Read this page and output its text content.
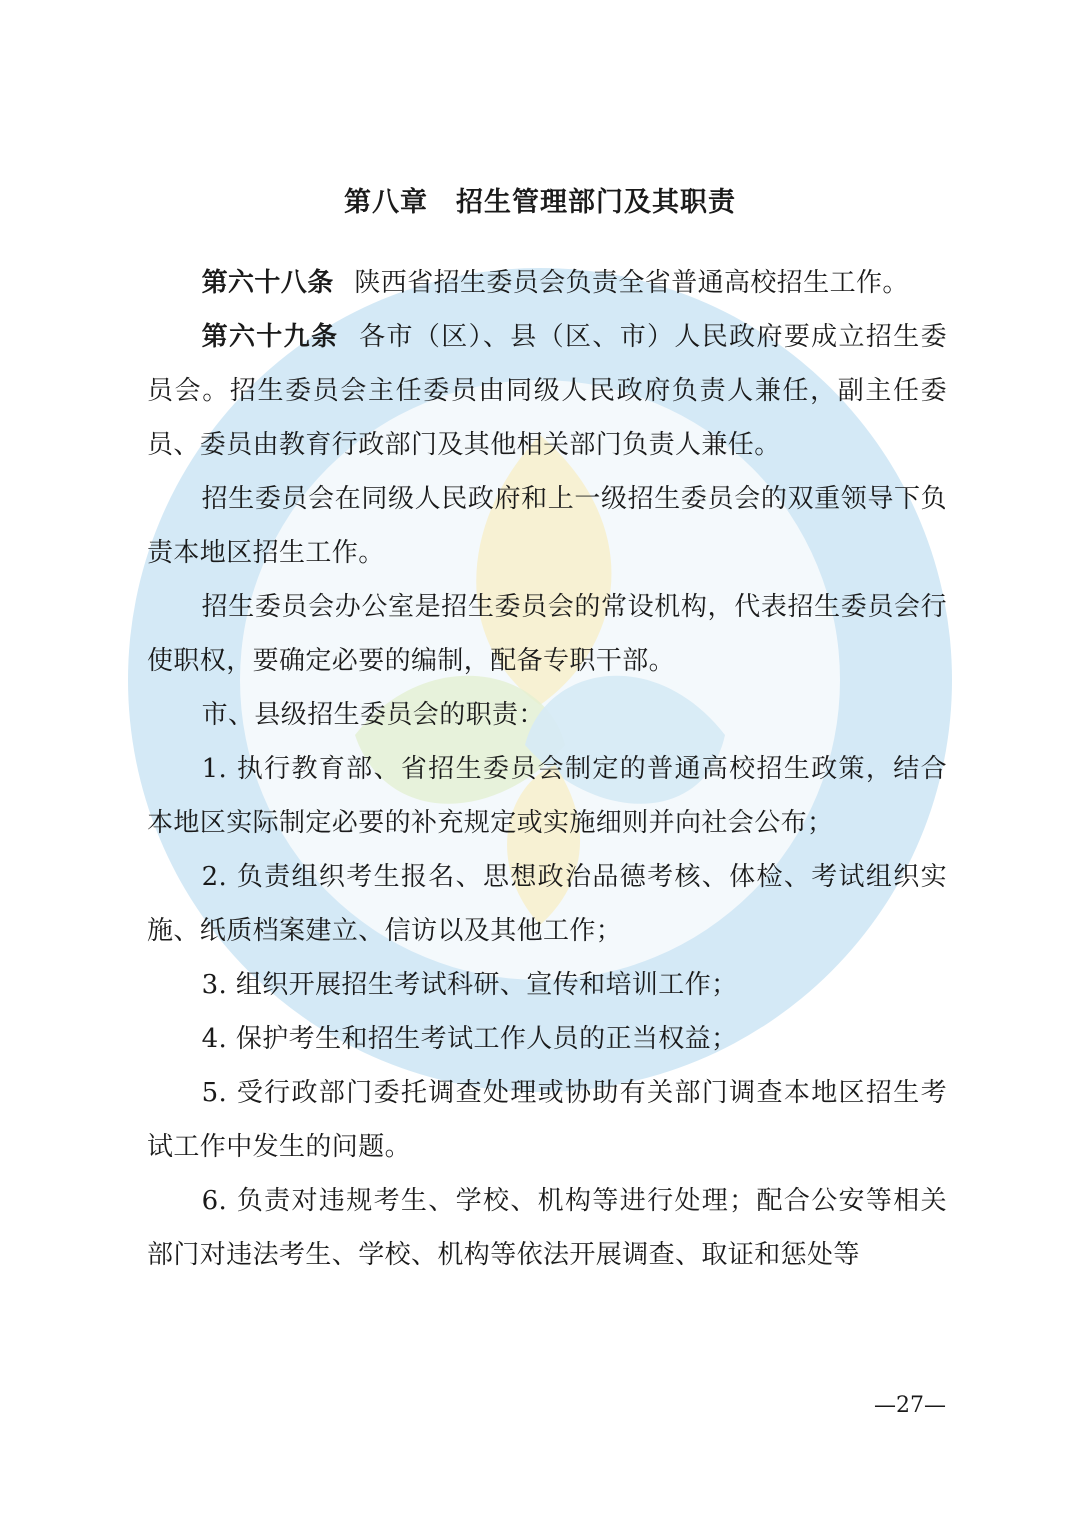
第八章　招生管理部门及其职责

第六十八条 陕西省招生委员会负责全省普通高校招生工作。

第六十九条 各市（区）、县（区、市）人民政府要成立招生委员会。招生委员会主任委员由同级人民政府负责人兼任，副主任委员、委员由教育行政部门及其他相关部门负责人兼任。

招生委员会在同级人民政府和上一级招生委员会的双重领导下负责本地区招生工作。

招生委员会办公室是招生委员会的常设机构，代表招生委员会行使职权，要确定必要的编制，配备专职干部。

市、县级招生委员会的职责：

1. 执行教育部、省招生委员会制定的普通高校招生政策，结合本地区实际制定必要的补充规定或实施细则并向社会公布；

2. 负责组织考生报名、思想政治品德考核、体检、考试组织实施、纸质档案建立、信访以及其他工作；

3. 组织开展招生考试科研、宣传和培训工作；

4. 保护考生和招生考试工作人员的正当权益；

5. 受行政部门委托调查处理或协助有关部门调查本地区招生考试工作中发生的问题。

6. 负责对违规考生、学校、机构等进行处理；配合公安等相关部门对违法考生、学校、机构等依法开展调查、取证和惩处等

—27—
